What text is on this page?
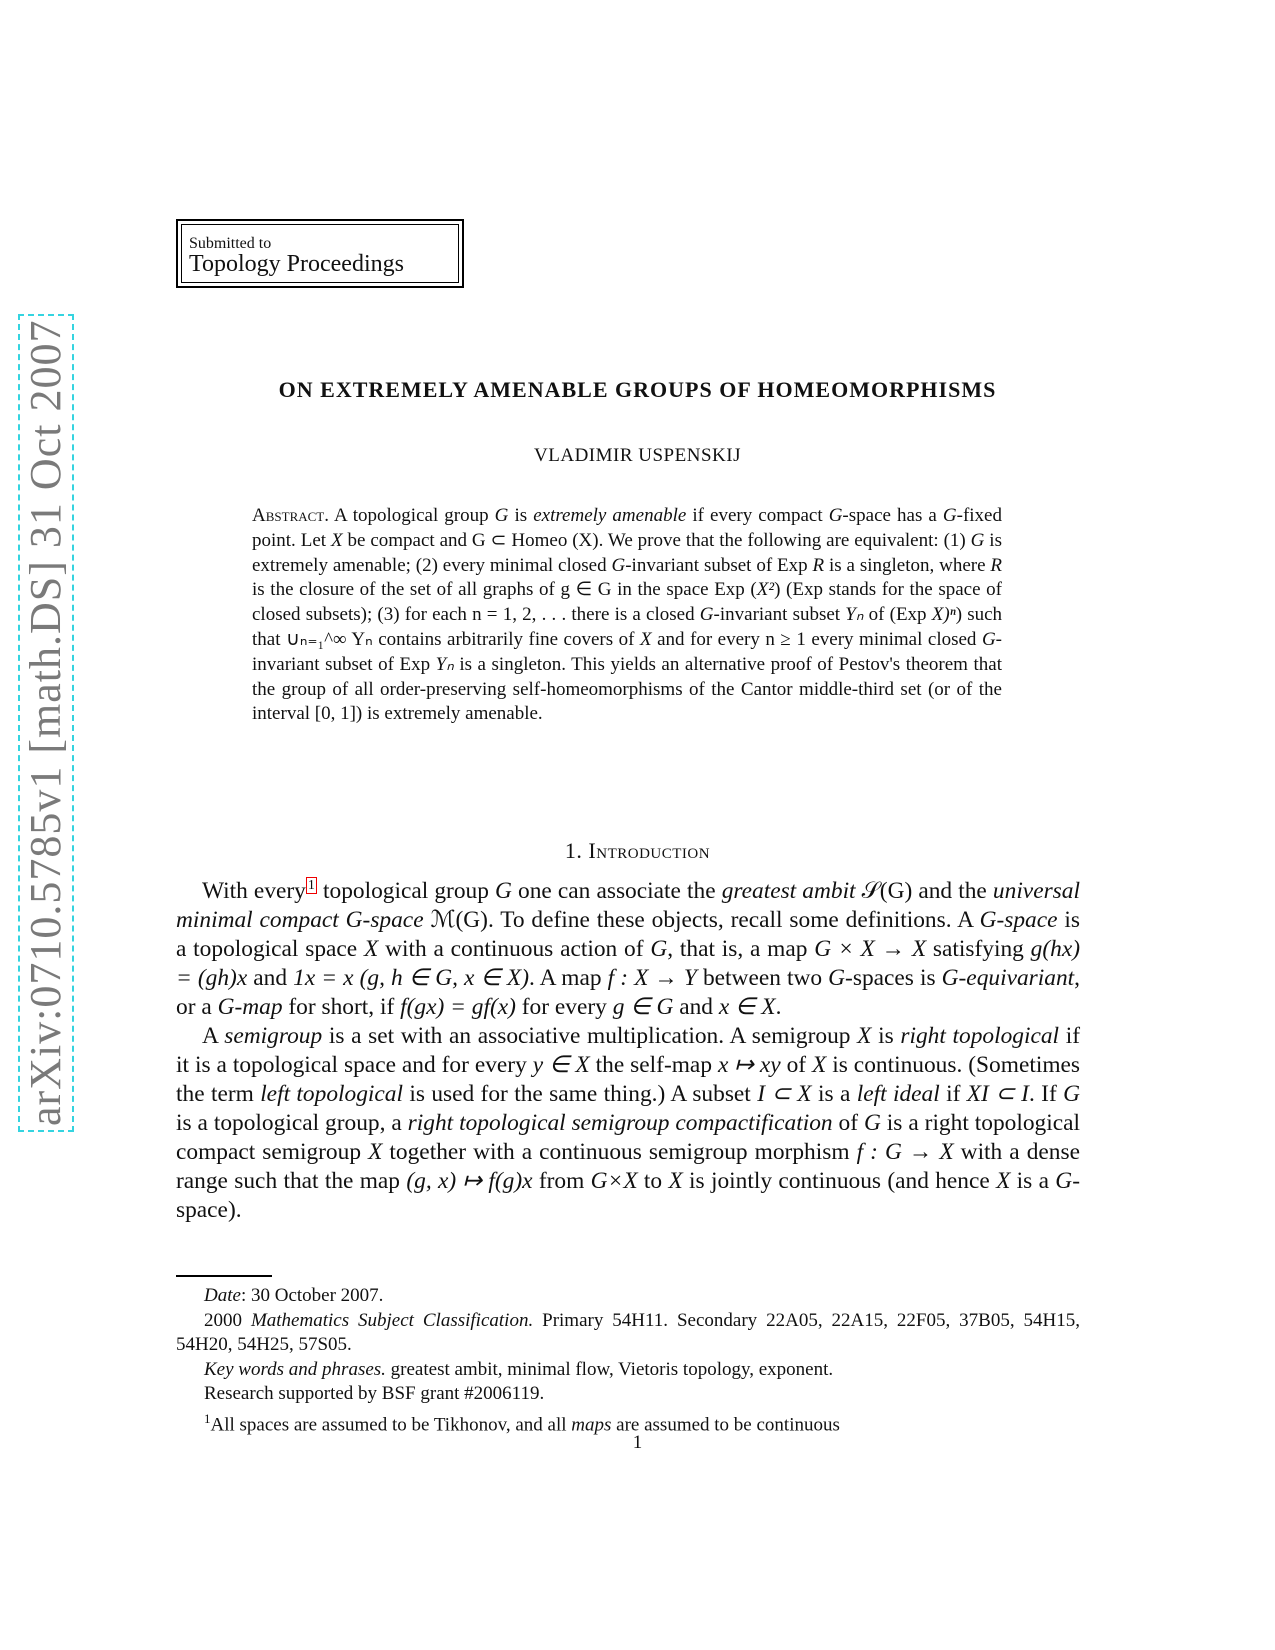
Submitted to
Topology Proceedings
arXiv:0710.5785v1 [math.DS] 31 Oct 2007	ON EXTREMELY AMENABLE GROUPS OF HOMEOMORPHISMS
VLADIMIR USPENSKIJ
Abstract. A topological group G is extremely amenable if every compact G-space has a G-fixed point. Let X be compact and G ⊂ Homeo (X). We prove that the following are equivalent: (1) G is extremely amenable; (2) every minimal closed G-invariant subset of Exp R is a singleton, where R is the closure of the set of all graphs of g ∈ G in the space Exp (X²) (Exp stands for the space of closed subsets); (3) for each n = 1, 2, . . . there is a closed G-invariant subset Yₙ of (Exp X)ⁿ) such that ∪ₙ₌₁^∞ Yₙ contains arbitrarily fine covers of X and for every n ≥ 1 every minimal closed G-invariant subset of Exp Yₙ is a singleton. This yields an alternative proof of Pestov's theorem that the group of all order-preserving self-homeomorphisms of the Cantor middle-third set (or of the interval [0, 1]) is extremely amenable.
1. Introduction

With every $^1$ topological group G one can associate the greatest ambit 𝒮(G) and the universal minimal compact G-space ℳ(G). To define these objects, recall some definitions. A G-space is a topological space X with a continuous action of G, that is, a map G × X → X satisfying g(hx) = (gh)x and 1x = x (g, h ∈ G, x ∈ X). A map f : X → Y between two G-spaces is G-equivariant, or a G-map for short, if f(gx) = gf(x) for every g ∈ G and x ∈ X.

A semigroup is a set with an associative multiplication. A semigroup X is right topological if it is a topological space and for every y ∈ X the self-map x ↦ xy of X is continuous. (Sometimes the term left topological is used for the same thing.) A subset I ⊂ X is a left ideal if XI ⊂ I. If G is a topological group, a right topological semigroup compactification of G is a right topological compact semigroup X together with a continuous semigroup morphism f : G → X with a dense range such that the map (g, x) ↦ f(g)x from G×X to X is jointly continuous (and hence X is a G-space).

Date: 30 October 2007.

2000 Mathematics Subject Classification. Primary 54H11. Secondary 22A05, 22A15, 22F05, 37B05, 54H15, 54H20, 54H25, 57S05.

Key words and phrases. greatest ambit, minimal flow, Vietoris topology, exponent.

Research supported by BSF grant #2006119.

$^1$All spaces are assumed to be Tikhonov, and all maps are assumed to be continuous

1
